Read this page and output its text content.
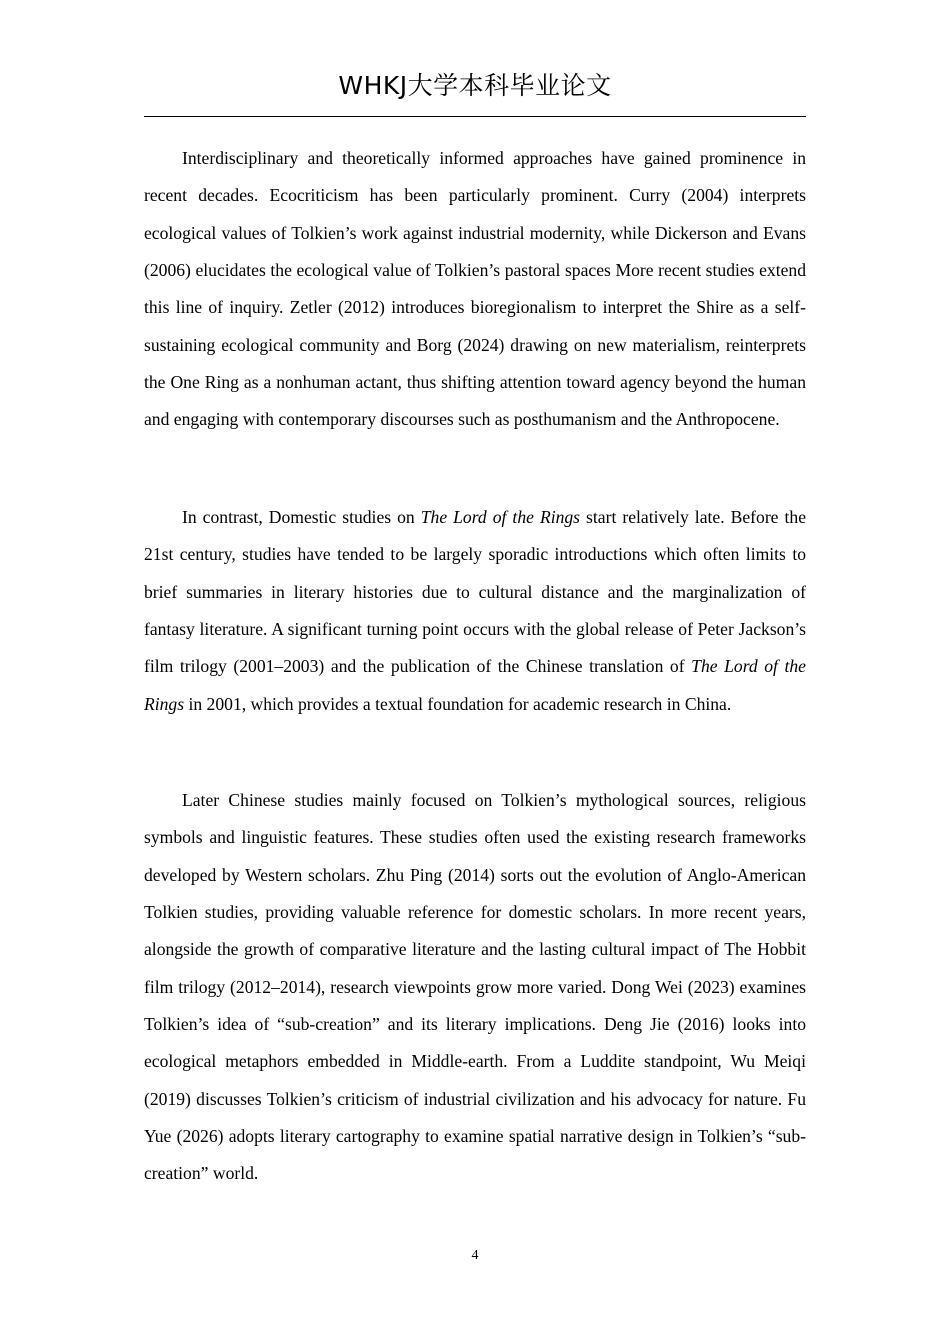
WHKJ大学本科毕业论文

Interdisciplinary and theoretically informed approaches have gained prominence in recent decades. Ecocriticism has been particularly prominent. Curry (2004) interprets ecological values of Tolkien’s work against industrial modernity, while Dickerson and Evans (2006) elucidates the ecological value of Tolkien’s pastoral spaces More recent studies extend this line of inquiry. Zetler (2012) introduces bioregionalism to interpret the Shire as a self-sustaining ecological community and Borg (2024) drawing on new materialism, reinterprets the One Ring as a nonhuman actant, thus shifting attention toward agency beyond the human and engaging with contemporary discourses such as posthumanism and the Anthropocene.

In contrast, Domestic studies on The Lord of the Rings start relatively late. Before the 21st century, studies have tended to be largely sporadic introductions which often limits to brief summaries in literary histories due to cultural distance and the marginalization of fantasy literature. A significant turning point occurs with the global release of Peter Jackson’s film trilogy (2001–2003) and the publication of the Chinese translation of The Lord of the Rings in 2001, which provides a textual foundation for academic research in China.

Later Chinese studies mainly focused on Tolkien’s mythological sources, religious symbols and linguistic features. These studies often used the existing research frameworks developed by Western scholars. Zhu Ping (2014) sorts out the evolution of Anglo-American Tolkien studies, providing valuable reference for domestic scholars. In more recent years, alongside the growth of comparative literature and the lasting cultural impact of The Hobbit film trilogy (2012–2014), research viewpoints grow more varied. Dong Wei (2023) examines Tolkien’s idea of “sub-creation” and its literary implications. Deng Jie (2016) looks into ecological metaphors embedded in Middle-earth. From a Luddite standpoint, Wu Meiqi (2019) discusses Tolkien’s criticism of industrial civilization and his advocacy for nature. Fu Yue (2026) adopts literary cartography to examine spatial narrative design in Tolkien’s “sub-creation” world.

4
